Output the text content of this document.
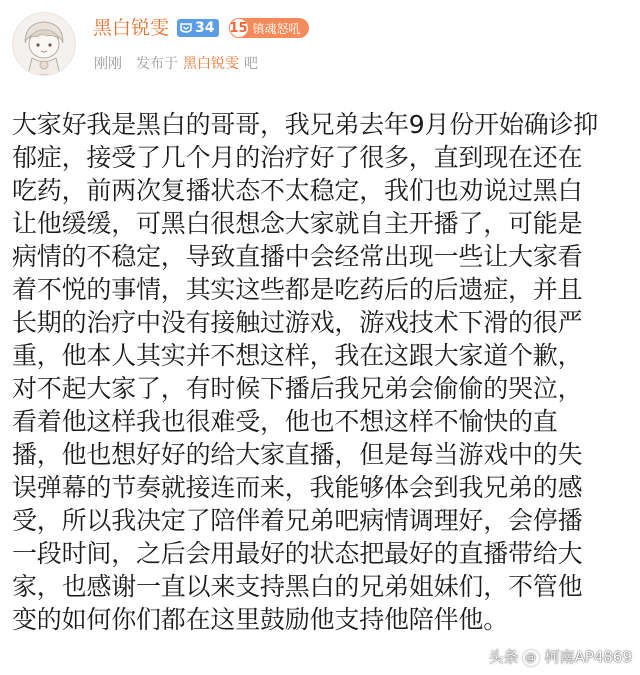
黑白锐雯 34 15 镇魂怒吼
刚刚 发布于 黑白锐雯 吧
大家好我是黑白的哥哥，我兄弟去年9月份开始确诊抑
郁症，接受了几个月的治疗好了很多，直到现在还在
吃药，前两次复播状态不太稳定，我们也劝说过黑白
让他缓缓，可黑白很想念大家就自主开播了，可能是
病情的不稳定，导致直播中会经常出现一些让大家看
着不悦的事情，其实这些都是吃药后的后遗症，并且
长期的治疗中没有接触过游戏，游戏技术下滑的很严
重，他本人其实并不想这样，我在这跟大家道个歉，
对不起大家了，有时候下播后我兄弟会偷偷的哭泣，
看着他这样我也很难受，他也不想这样不愉快的直
播，他也想好好的给大家直播，但是每当游戏中的失
误弹幕的节奏就接连而来，我能够体会到我兄弟的感
受，所以我决定了陪伴着兄弟吧病情调理好，会停播
一段时间，之后会用最好的状态把最好的直播带给大
家，也感谢一直以来支持黑白的兄弟姐妹们，不管他
变的如何你们都在这里鼓励他支持他陪伴他。
头条 @ 柯南AP4869
